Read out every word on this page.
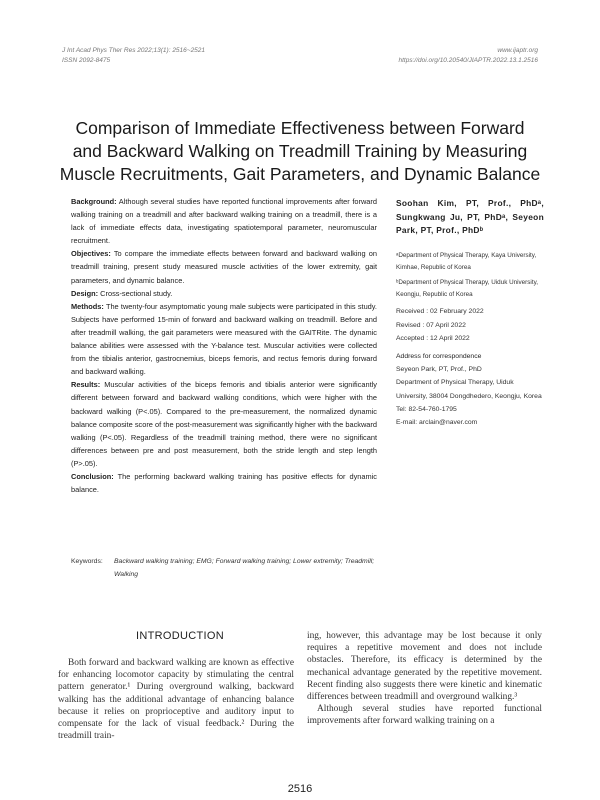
J Int Acad Phys Ther Res 2022;13(1): 2516~2521
ISSN 2092-8475
www.ijaptr.org
https://doi.org/10.20540/JIAPTR.2022.13.1.2516
Comparison of Immediate Effectiveness between Forward
and Backward Walking on Treadmill Training by Measuring
Muscle Recruitments, Gait Parameters, and Dynamic Balance

Background: Although several studies have reported functional improvements after forward walking training on a treadmill and after backward walking training on a treadmill, there is a lack of immediate effects data, investigating spatiotemporal parameter, neuromuscular recruitment.

Objectives: To compare the immediate effects between forward and backward walking on treadmill training, present study measured muscle activities of the lower extremity, gait parameters, and dynamic balance.

Design: Cross-sectional study.

Methods: The twenty-four asymptomatic young male subjects were participated in this study. Subjects have performed 15-min of forward and backward walking on treadmill. Before and after treadmill walking, the gait parameters were measured with the GAITRite. The dynamic balance abilities were assessed with the Y-balance test. Muscular activities were collected from the tibialis anterior, gastrocnemius, biceps femoris, and rectus femoris during forward and backward walking.

Results: Muscular activities of the biceps femoris and tibialis anterior were significantly different between forward and backward walking conditions, which were higher with the backward walking (P<.05). Compared to the pre-measurement, the normalized dynamic balance composite score of the post-measurement was significantly higher with the backward walking (P<.05). Regardless of the treadmill training method, there were no significant differences between pre and post measurement, both the stride length and step length (P>.05).

Conclusion: The performing backward walking training has positive effects for dynamic balance.

Soohan Kim, PT, Prof., PhDᵃ, Sungkwang Ju, PT, PhDᵃ, Seyeon Park, PT, Prof., PhDᵇ

ᵃDepartment of Physical Therapy, Kaya University, Kimhae, Republic of Korea

ᵇDepartment of Physical Therapy, Uiduk University, Keongju, Republic of Korea

Received : 02 February 2022
Revised : 07 April 2022
Accepted : 12 April 2022
Address for correspondence
Seyeon Park, PT, Prof., PhD
Department of Physical Therapy, Uiduk University, 38004 Dongdhedero, Keongju, Korea
Tel: 82-54-760-1795
E-mail: arclain@naver.com
Keywords: Backward walking training; EMG; Forward walking training; Lower extremity; Treadmill; Walking
INTRODUCTION

Both forward and backward walking are known as effective for enhancing locomotor capacity by stimulating the central pattern generator.¹ During overground walking, backward walking has the additional advantage of enhancing balance because it relies on proprioceptive and auditory input to compensate for the lack of visual feedback.² During the treadmill train-

ing, however, this advantage may be lost because it only requires a repetitive movement and does not include obstacles. Therefore, its efficacy is determined by the mechanical advantage generated by the repetitive movement. Recent finding also suggests there were kinetic and kinematic differences between treadmill and overground walking.³

Although several studies have reported functional improvements after forward walking training on a

2516
